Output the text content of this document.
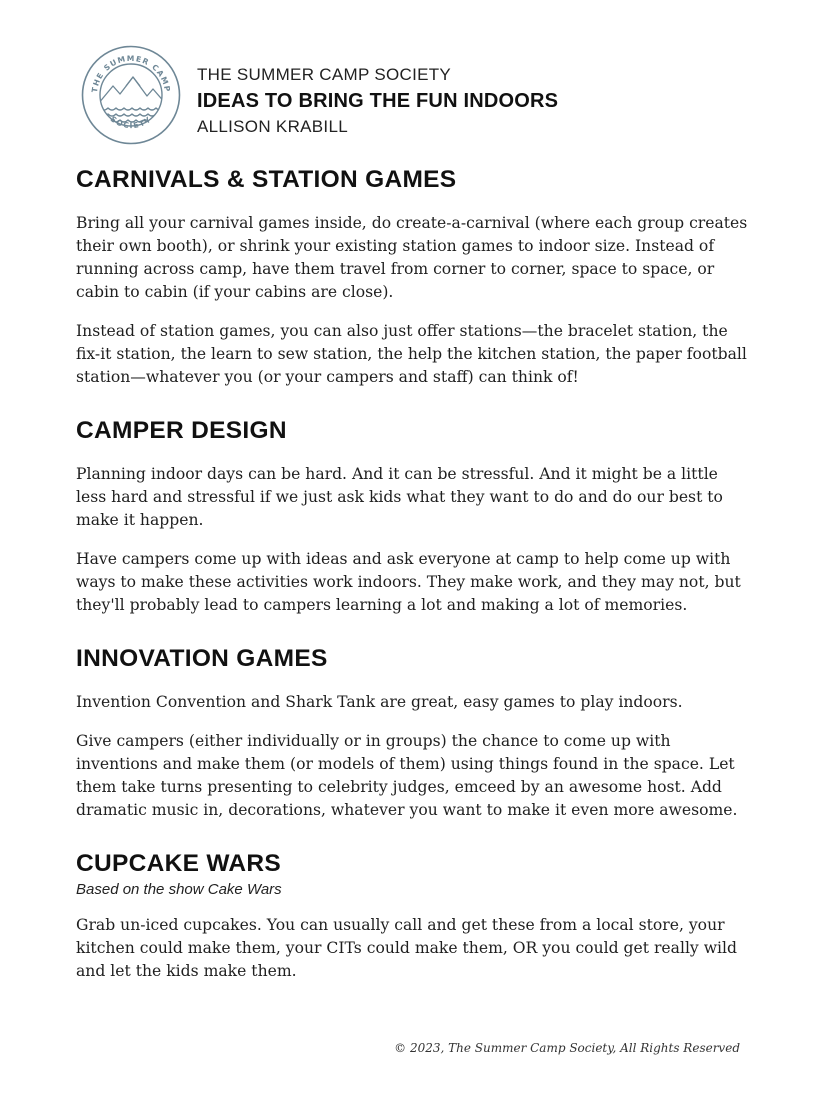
THE SUMMER CAMP
SOCIETY
THE SUMMER CAMP SOCIETY
IDEAS TO BRING THE FUN INDOORS
ALLISON KRABILL
CARNIVALS & STATION GAMES

Bring all your carnival games inside, do create-a-carnival (where each group creates their own booth), or shrink your existing station games to indoor size. Instead of running across camp, have them travel from corner to corner, space to space, or cabin to cabin (if your cabins are close).

Instead of station games, you can also just offer stations—the bracelet station, the fix-it station, the learn to sew station, the help the kitchen station, the paper football station—whatever you (or your campers and staff) can think of!

CAMPER DESIGN

Planning indoor days can be hard. And it can be stressful. And it might be a little less hard and stressful if we just ask kids what they want to do and do our best to make it happen.

Have campers come up with ideas and ask everyone at camp to help come up with ways to make these activities work indoors. They make work, and they may not, but they'll probably lead to campers learning a lot and making a lot of memories.

INNOVATION GAMES

Invention Convention and Shark Tank are great, easy games to play indoors.

Give campers (either individually or in groups) the chance to come up with inventions and make them (or models of them) using things found in the space. Let them take turns presenting to celebrity judges, emceed by an awesome host. Add dramatic music in, decorations, whatever you want to make it even more awesome.

CUPCAKE WARS
Based on the show Cake Wars

Grab un-iced cupcakes. You can usually call and get these from a local store, your kitchen could make them, your CITs could make them, OR you could get really wild and let the kids make them.

© 2023, The Summer Camp Society, All Rights Reserved
